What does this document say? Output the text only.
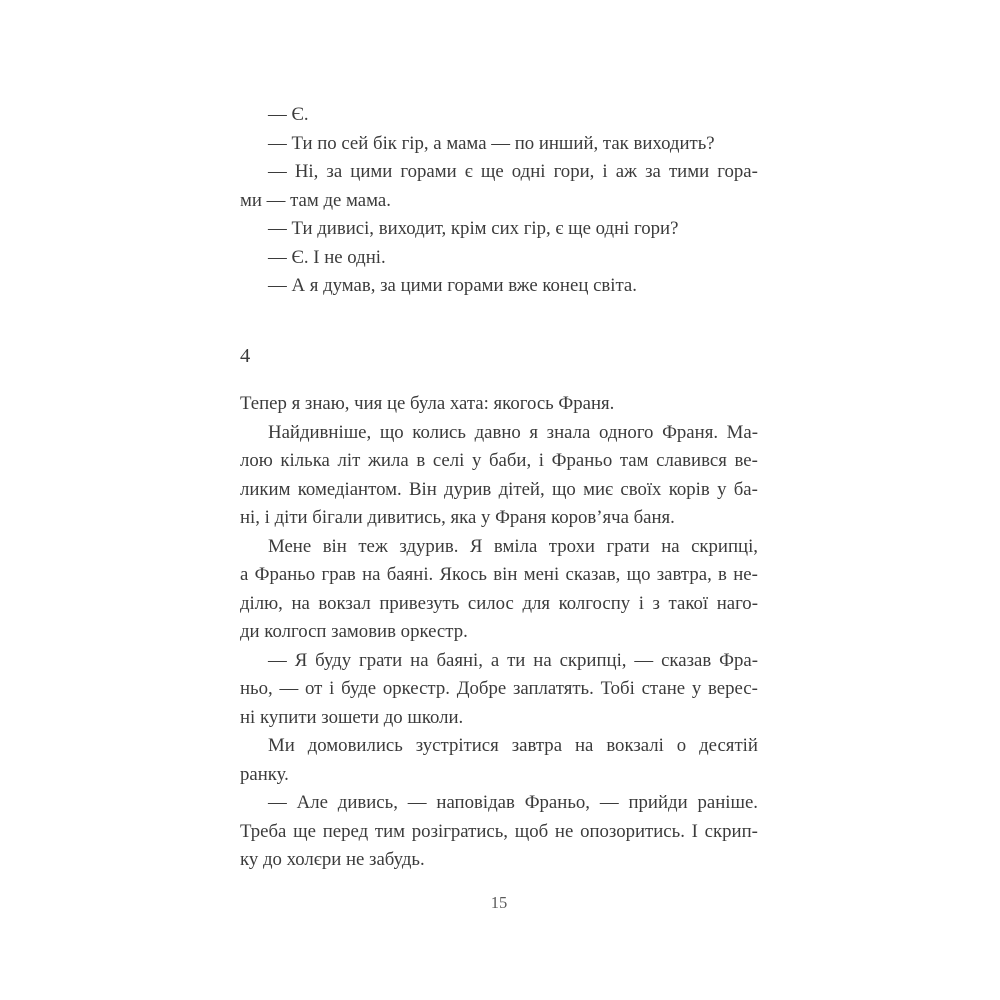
— Є.
— Ти по сей бік гір, а мама — по инший, так виходить?
— Ні, за цими горами є ще одні гори, і аж за тими гора-
ми — там де мама.
— Ти дивисі, виходит, крім сих гір, є ще одні гори?
— Є. І не одні.
— А я думав, за цими горами вже конец світа.
4
Тепер я знаю, чия це була хата: якогось Франя.
Найдивніше, що колись давно я знала одного Франя. Ма-
лою кілька літ жила в селі у баби, і Франьо там славився ве-
ликим комедіантом. Він дурив дітей, що миє своїх корів у ба-
ні, і діти бігали дивитись, яка у Франя коров’яча баня.
Мене він теж здурив. Я вміла трохи грати на скрипці,
а Франьо грав на баяні. Якось він мені сказав, що завтра, в не-
ділю, на вокзал привезуть силос для колгоспу і з такої наго-
ди колгосп замовив оркестр.
— Я буду грати на баяні, а ти на скрипці, — сказав Фра-
ньо, — от і буде оркестр. Добре заплатять. Тобі стане у верес-
ні купити зошети до школи.
Ми домовились зустрітися завтра на вокзалі о десятій
ранку.
— Але дивись, — наповідав Франьо, — прийди раніше.
Треба ще перед тим розігратись, щоб не опозоритись. І скрип-
ку до холєри не забудь.
15
